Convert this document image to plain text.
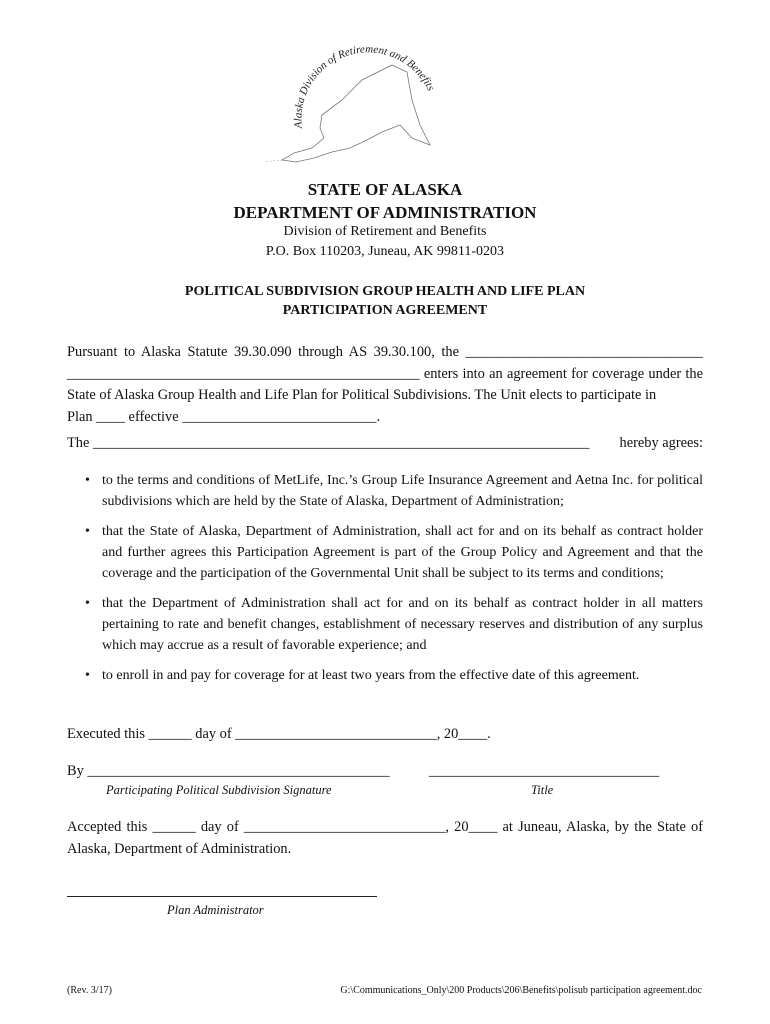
Alaska Division of Retirement and Benefits
STATE OF ALASKA
DEPARTMENT OF ADMINISTRATION
Division of Retirement and Benefits
P.O. Box 110203, Juneau, AK 99811-0203
POLITICAL SUBDIVISION GROUP HEALTH AND LIFE PLAN
PARTICIPATION AGREEMENT
Pursuant to Alaska Statute 39.30.090 through AS 39.30.100, the _________________________________ _________________________________________________ enters into an agreement for coverage under the State of Alaska Group Health and Life Plan for Political Subdivisions. The Unit elects to participate in
Plan ____ effective ___________________________.
The _____________________________________________________________________ hereby agrees:
• to the terms and conditions of MetLife, Inc.’s Group Life Insurance Agreement and Aetna Inc. for political subdivisions which are held by the State of Alaska, Department of Administration;
• that the State of Alaska, Department of Administration, shall act for and on its behalf as contract holder and further agrees this Participation Agreement is part of the Group Policy and Agreement and that the coverage and the participation of the Governmental Unit shall be subject to its terms and conditions;
• that the Department of Administration shall act for and on its behalf as contract holder in all matters pertaining to rate and benefit changes, establishment of necessary reserves and distribution of any surplus which may accrue as a result of favorable experience; and
• to enroll in and pay for coverage for at least two years from the effective date of this agreement.
Executed this ______ day of ____________________________, 20____.
By __________________________________________	________________________________
Participating Political Subdivision Signature	Title
Accepted this ______ day of ____________________________, 20____ at Juneau, Alaska, by the State of Alaska, Department of Administration.
Plan Administrator
(Rev. 3/17)	G:\Communications_Only\200 Products\206\Benefits\polisub participation agreement.doc
